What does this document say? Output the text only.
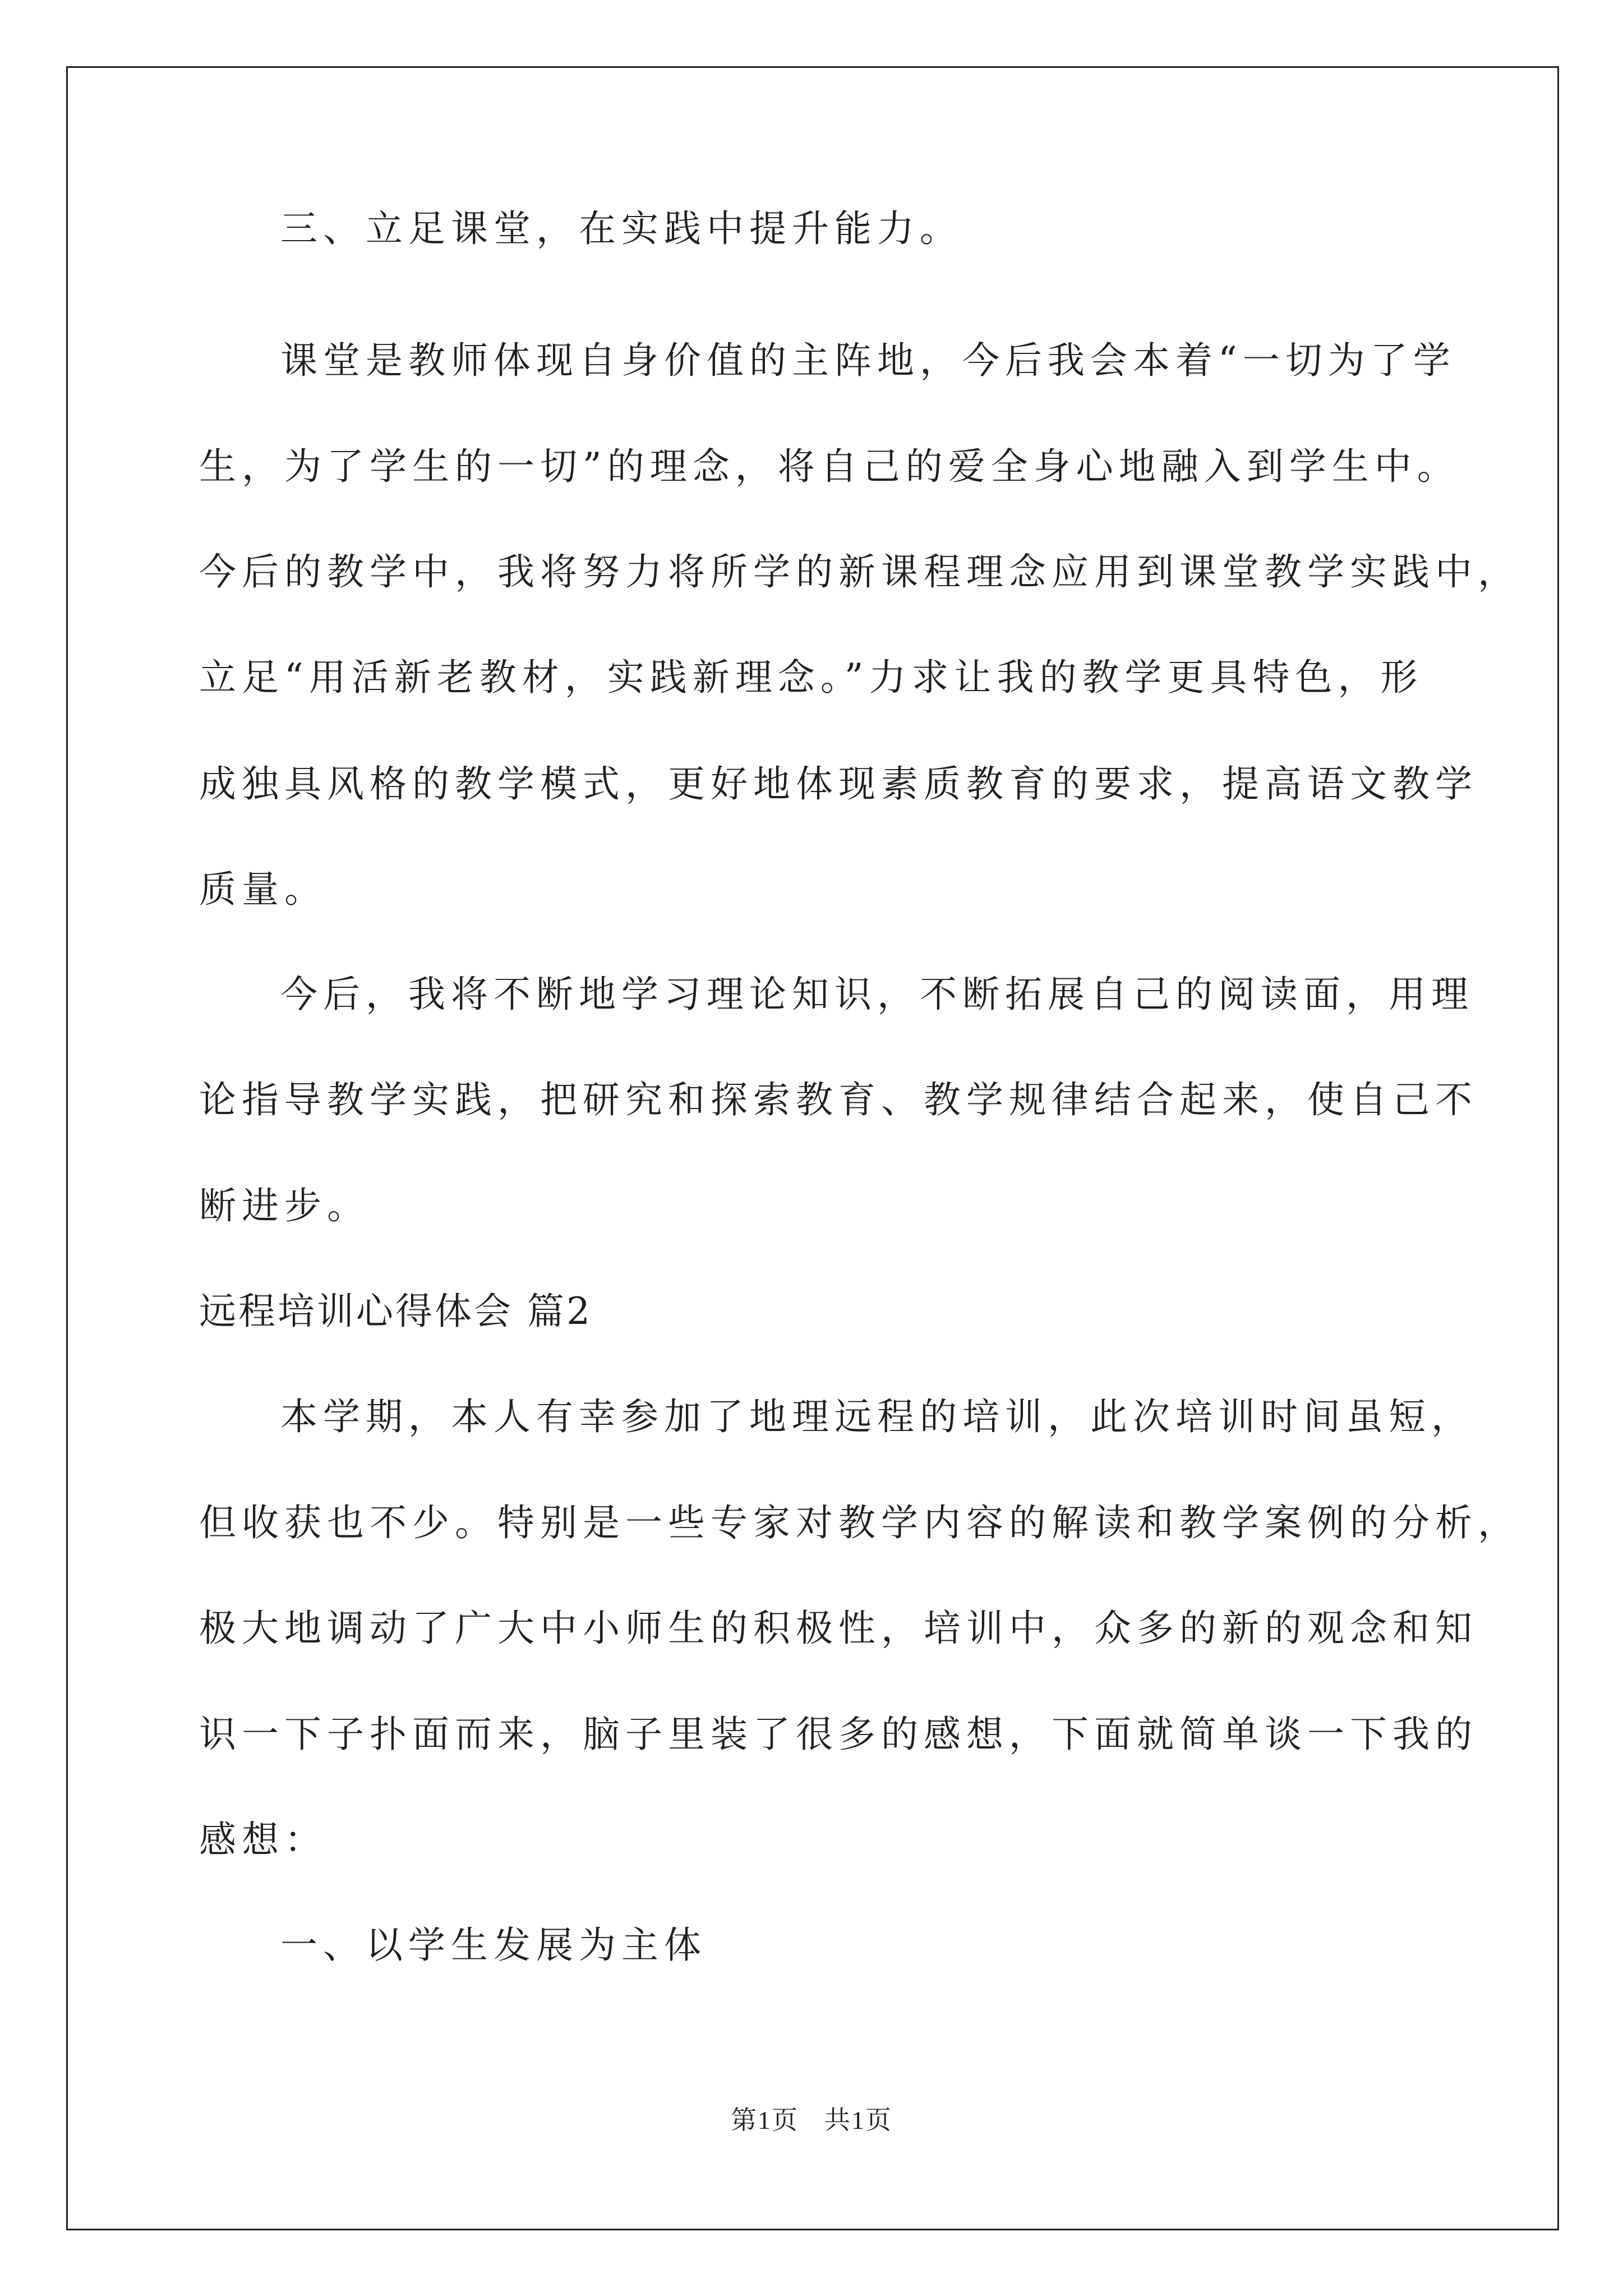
三、立足课堂，在实践中提升能力。
课堂是教师体现自身价值的主阵地，今后我会本着“一切为了学
生，为了学生的一切”的理念，将自己的爱全身心地融入到学生中。
今后的教学中，我将努力将所学的新课程理念应用到课堂教学实践中，
立足“用活新老教材，实践新理念。”力求让我的教学更具特色，形
成独具风格的教学模式，更好地体现素质教育的要求，提高语文教学
质量。
今后，我将不断地学习理论知识，不断拓展自己的阅读面，用理
论指导教学实践，把研究和探索教育、教学规律结合起来，使自己不
断进步。
远程培训心得体会 篇2
本学期，本人有幸参加了地理远程的培训，此次培训时间虽短，
但收获也不少。特别是一些专家对教学内容的解读和教学案例的分析，
极大地调动了广大中小师生的积极性，培训中，众多的新的观念和知
识一下子扑面而来，脑子里装了很多的感想，下面就简单谈一下我的
感想：
一、以学生发展为主体
第1页 共1页
